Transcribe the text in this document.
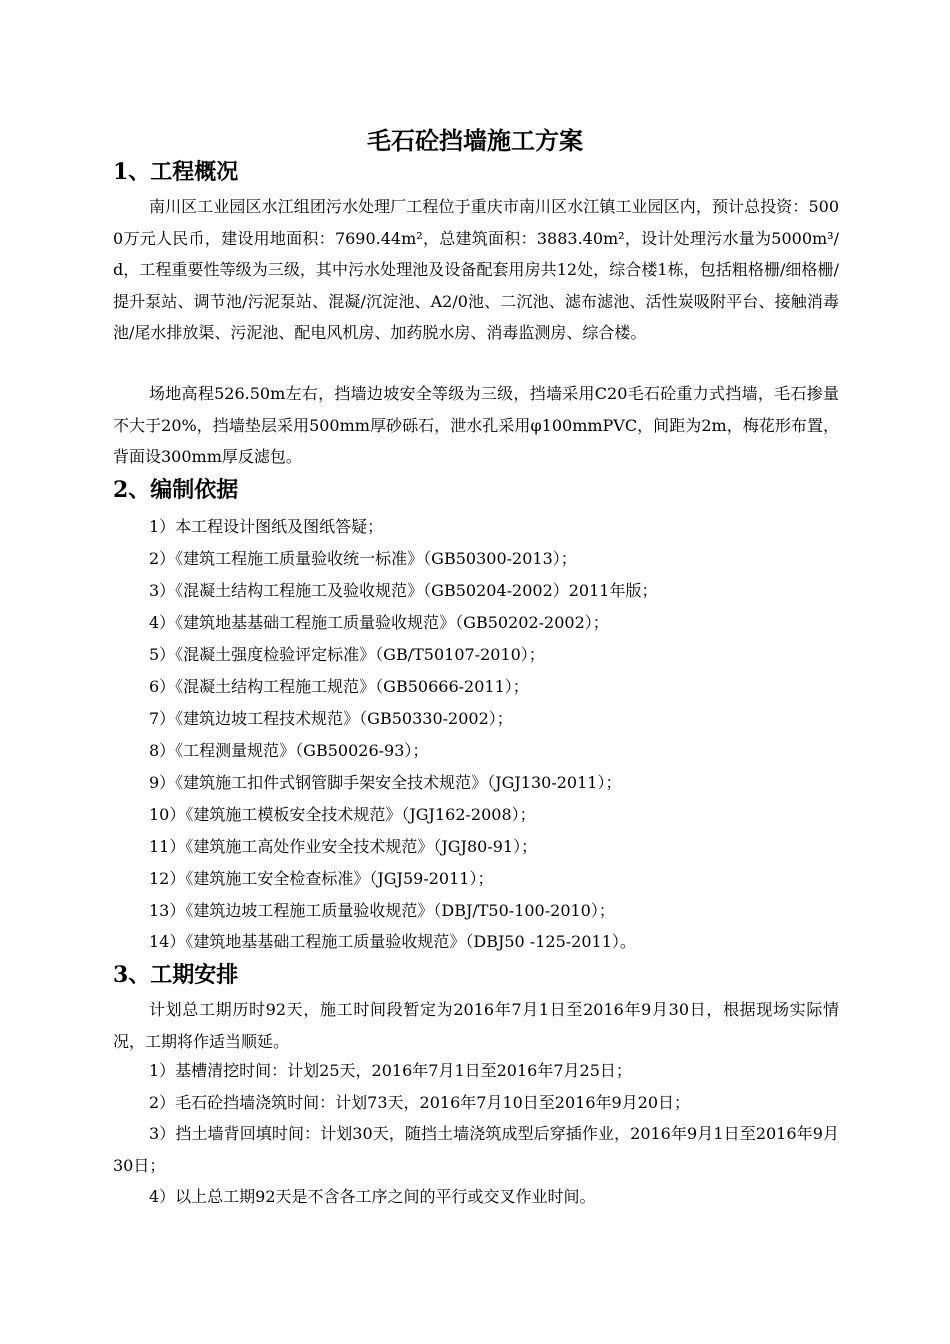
毛石砼挡墙施工方案
1、工程概况
南川区工业园区水江组团污水处理厂工程位于重庆市南川区水江镇工业园区内，预计总投资：5000万元人民币，建设用地面积：7690.44m²，总建筑面积：3883.40m²，设计处理污水量为5000m³/d，工程重要性等级为三级，其中污水处理池及设备配套用房共12处，综合楼1栋，包括粗格栅/细格栅/提升泵站、调节池/污泥泵站、混凝/沉淀池、A2/0池、二沉池、滤布滤池、活性炭吸附平台、接触消毒池/尾水排放渠、污泥池、配电风机房、加药脱水房、消毒监测房、综合楼。
场地高程526.50m左右，挡墙边坡安全等级为三级，挡墙采用C20毛石砼重力式挡墙，毛石掺量不大于20%，挡墙垫层采用500mm厚砂砾石，泄水孔采用φ100mmPVC，间距为2m，梅花形布置，背面设300mm厚反滤包。
2、编制依据
1）本工程设计图纸及图纸答疑；
2）《建筑工程施工质量验收统一标准》（GB50300-2013）；
3）《混凝土结构工程施工及验收规范》（GB50204-2002）2011年版；
4）《建筑地基基础工程施工质量验收规范》（GB50202-2002）；
5）《混凝土强度检验评定标准》（GB/T50107-2010）；
6）《混凝土结构工程施工规范》（GB50666-2011）；
7）《建筑边坡工程技术规范》（GB50330-2002）；
8）《工程测量规范》（GB50026-93）；
9）《建筑施工扣件式钢管脚手架安全技术规范》（JGJ130-2011）；
10）《建筑施工模板安全技术规范》（JGJ162-2008）；
11）《建筑施工高处作业安全技术规范》（JGJ80-91）；
12）《建筑施工安全检查标准》（JGJ59-2011）；
13）《建筑边坡工程施工质量验收规范》（DBJ/T50-100-2010）；
14）《建筑地基基础工程施工质量验收规范》（DBJ50 -125-2011）。
3、工期安排
计划总工期历时92天，施工时间段暂定为2016年7月1日至2016年9月30日，根据现场实际情况，工期将作适当顺延。
1）基槽清挖时间：计划25天，2016年7月1日至2016年7月25日；
2）毛石砼挡墙浇筑时间：计划73天，2016年7月10日至2016年9月20日；
3）挡土墙背回填时间：计划30天，随挡土墙浇筑成型后穿插作业，2016年9月1日至2016年9月30日；
4）以上总工期92天是不含各工序之间的平行或交叉作业时间。
